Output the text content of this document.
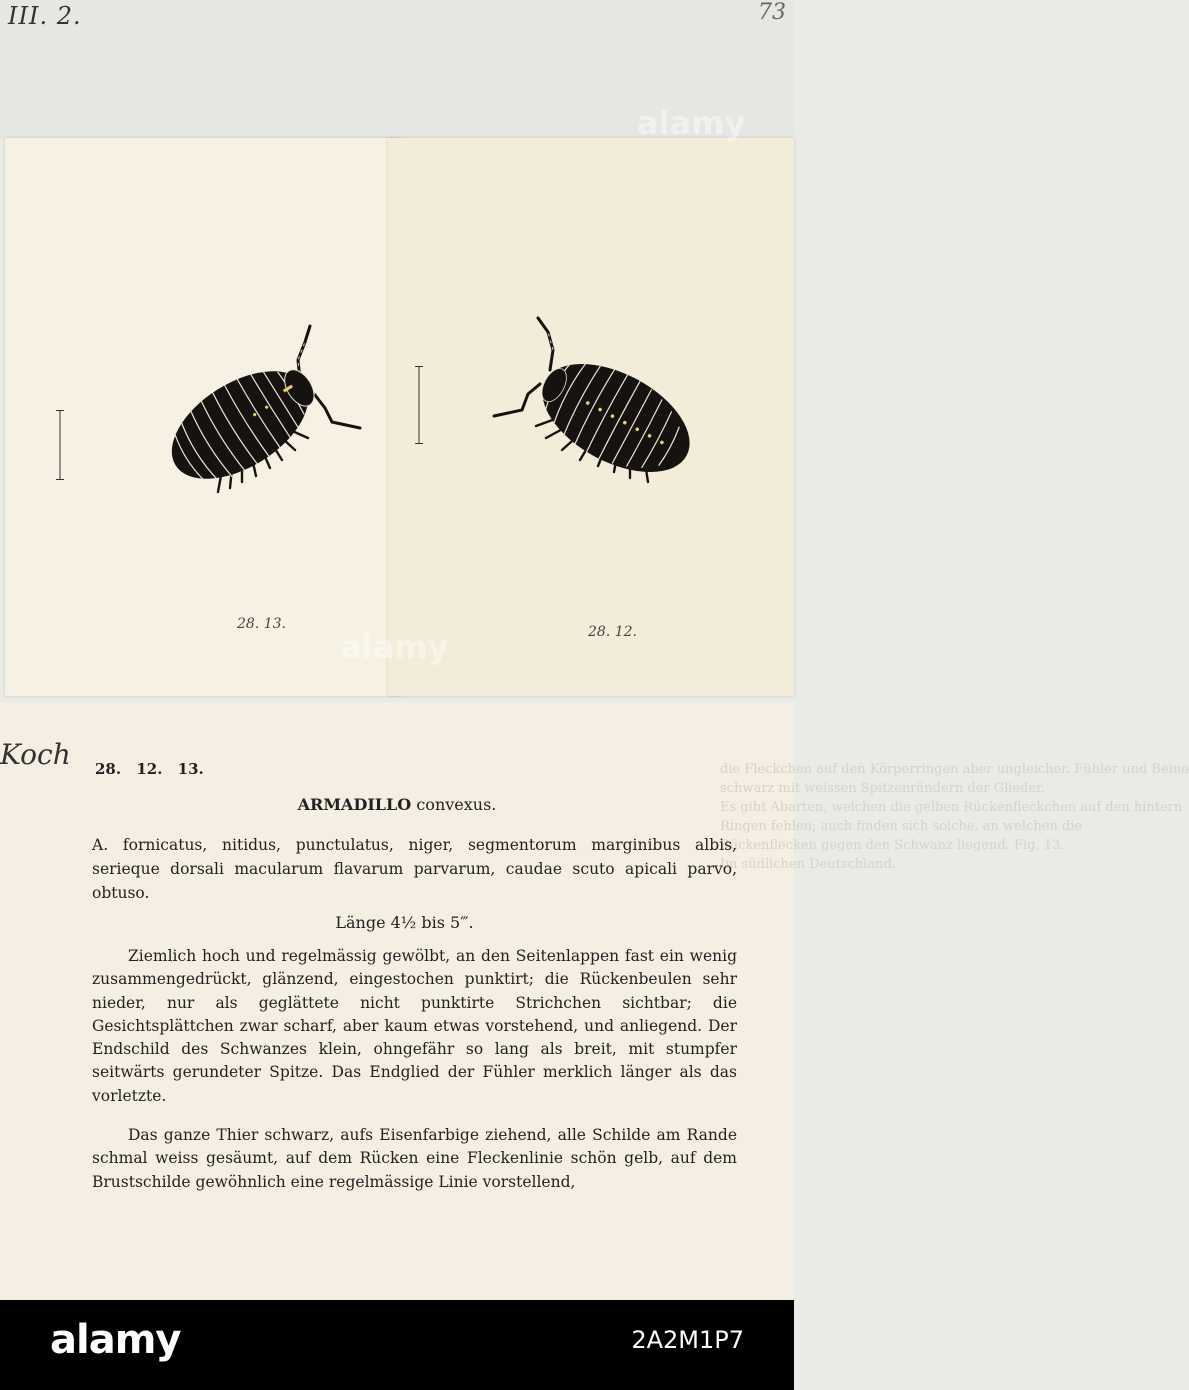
III. 2.	73
28. 13.	28. 12.
alamy
alamy
Koch	die Fleckchen auf den Körperringen aber ungleicher. Fühler und Beine
schwarz mit weissen Spitzenrändern der Glieder.
Es gibt Abarten, welchen die gelben Rückenfleckchen auf den hintern
Ringen fehlen; auch finden sich solche, an welchen die
Rückenflecken gegen den Schwanz liegend. Fig. 13.
Im südlichen Deutschland.
28. 12. 13.
ARMADILLO convexus.
A. fornicatus, nitidus, punctulatus, niger, segmentorum marginibus albis, serieque dorsali macularum flavarum parvarum, caudae scuto apicali parvo, obtuso.
Länge 4½ bis 5‴.
Ziemlich hoch und regelmässig gewölbt, an den Seitenlappen fast ein wenig zusammengedrückt, glänzend, eingestochen punktirt; die Rückenbeulen sehr nieder, nur als geglättete nicht punktirte Strichchen sichtbar; die Gesichtsplättchen zwar scharf, aber kaum etwas vorstehend, und anliegend. Der Endschild des Schwanzes klein, ohngefähr so lang als breit, mit stumpfer seitwärts gerundeter Spitze. Das Endglied der Fühler merklich länger als das vorletzte.
Das ganze Thier schwarz, aufs Eisenfarbige ziehend, alle Schilde am Rande schmal weiss gesäumt, auf dem Rücken eine Fleckenlinie schön gelb, auf dem Brustschilde gewöhnlich eine regelmässige Linie vorstellend,
alamy	2A2M1P7
